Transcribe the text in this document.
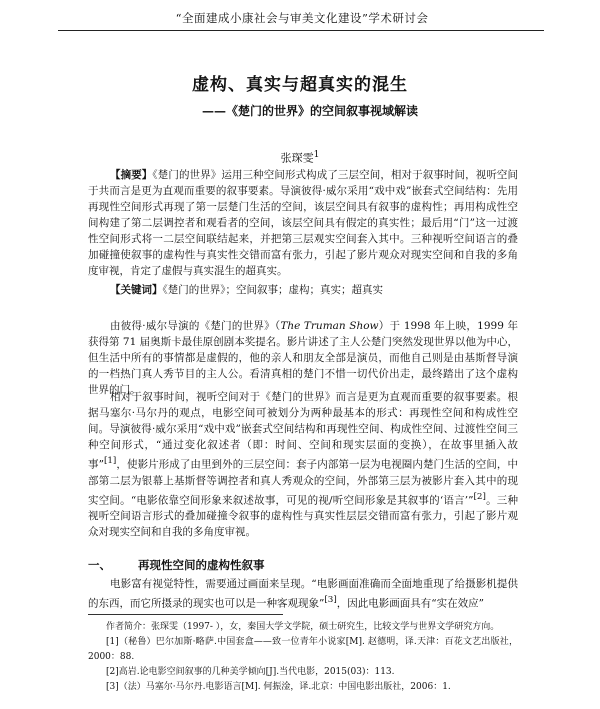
“全面建成小康社会与审美文化建设”学术研讨会
虚构、真实与超真实的混生
——《楚门的世界》的空间叙事视域解读
张琛雯$^1$

【摘要】《楚门的世界》运用三种空间形式构成了三层空间，相对于叙事时间，视听空间于共而言是更为直观而重要的叙事要素。导演彼得·威尔采用“戏中戏”嵌套式空间结构：先用再现性空间形式再现了第一层楚门生活的空间，该层空间具有叙事的虚构性；再用构成性空间构建了第二层调控者和观看者的空间，该层空间具有假定的真实性；最后用“门”这一过渡性空间形式将一二层空间联结起来，并把第三层观实空间套入其中。三种视听空间语言的叠加碰撞使叙事的虚构性与真实性交错而富有张力，引起了影片观众对现实空间和自我的多角度审视，肯定了虚假与真实混生的超真实。

【关键词】《楚门的世界》；空间叙事；虚构；真实；超真实

由彼得·威尔导演的《楚门的世界》（The Truman Show）于 1998 年上映，1999 年获得第 71 届奥斯卡最佳原创剧本奖提名。影片讲述了主人公楚门突然发现世界以他为中心，但生活中所有的事情都是虚假的，他的亲人和朋友全部是演员，而他自己则是由基斯督导演的一档热门真人秀节目的主人公。看清真相的楚门不惜一切代价出走，最终踏出了这个虚构世界的门。

相对于叙事时间，视听空间对于《楚门的世界》而言是更为直观而重要的叙事要素。根据马塞尔·马尔丹的观点，电影空间可被划分为两种最基本的形式：再现性空间和构成性空间。导演彼得·威尔采用“戏中戏”嵌套式空间结构和再现性空间、构成性空间、过渡性空间三种空间形式，“通过变化叙述者（即：时间、空间和现实层面的变换），在故事里插入故事”[1]，使影片形成了由里到外的三层空间：套子内部第一层为电视圈内楚门生活的空间，中部第二层为银幕上基斯督等调控者和真人秀观众的空间，外部第三层为被影片套入其中的现实空间。“电影依靠空间形象来叙述故事，可见的视/听空间形象是其叙事的‘语言’”[2]。三种视听空间语言形式的叠加碰撞令叙事的虚构性与真实性层层交错而富有张力，引起了影片观众对现实空间和自我的多角度审视。

一、 再现性空间的虚构性叙事

电影富有视觉特性，需要通过画面来呈现。“电影画面准确而全面地重现了给摄影机提供的东西，而它所摄录的现实也可以是一种客观现象”[3]，因此电影画面具有“实在效应”

作者简介：张琛雯（1997- ），女，秦国大学文学院，硕士研究生，比较文学与世界文学研究方向。
[1]（秘鲁）巴尔加斯·略萨.中国套盒——致一位青年小说家[M]. 赵德明，译.天津：百花文艺出版社，2000：88.
[2]高岩.论电影空间叙事的几种美学倾向[J].当代电影，2015(03)：113.
[3]（法）马塞尔·马尔丹.电影语言[M]. 何振淦，译.北京：中国电影出版社，2006：1.
